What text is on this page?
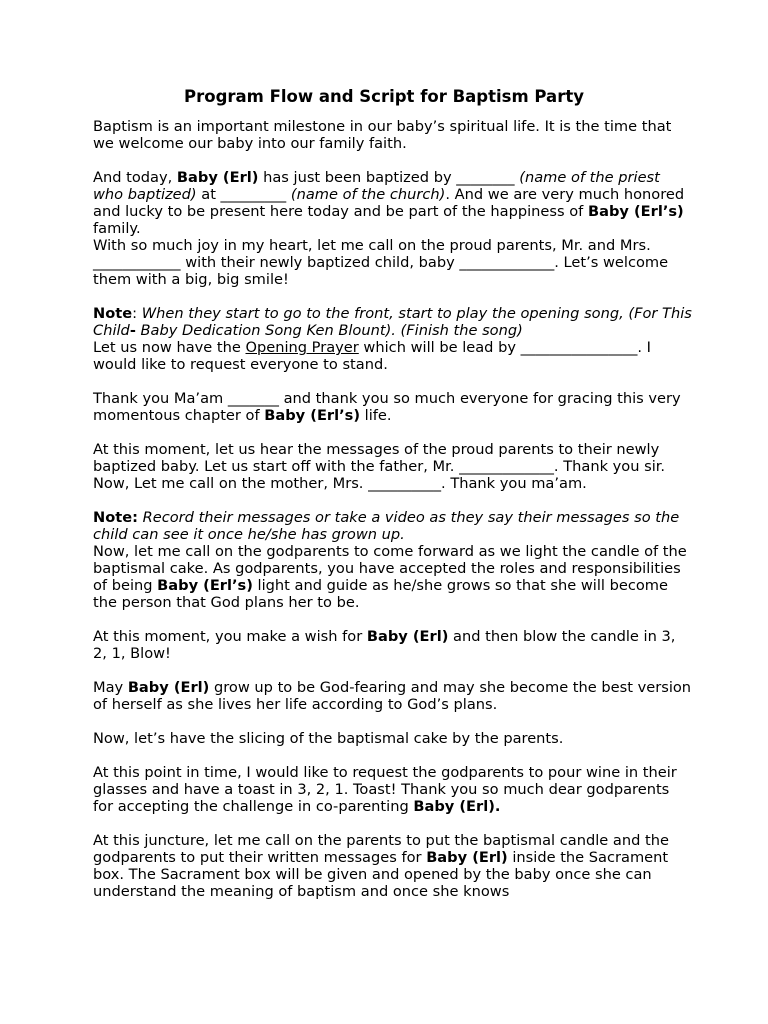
Program Flow and Script for Baptism Party

Baptism is an important milestone in our baby’s spiritual life. It is the time that we welcome our baby into our family faith.

And today, Baby (Erl) has just been baptized by ________ (name of the priest who baptized) at _________ (name of the church). And we are very much honored and lucky to be present here today and be part of the happiness of Baby (Erl’s) family.

With so much joy in my heart, let me call on the proud parents, Mr. and Mrs. ____________ with their newly baptized child, baby _____________. Let’s welcome them with a big, big smile!

Note: When they start to go to the front, start to play the opening song, (For This Child- Baby Dedication Song Ken Blount). (Finish the song)

Let us now have the Opening Prayer which will be lead by ________________. I would like to request everyone to stand.

Thank you Ma’am _______ and thank you so much everyone for gracing this very momentous chapter of Baby (Erl’s) life.

At this moment, let us hear the messages of the proud parents to their newly baptized baby. Let us start off with the father, Mr. _____________. Thank you sir. Now, Let me call on the mother, Mrs. __________. Thank you ma’am.

Note: Record their messages or take a video as they say their messages so the child can see it once he/she has grown up.

Now, let me call on the godparents to come forward as we light the candle of the baptismal cake. As godparents, you have accepted the roles and responsibilities of being Baby (Erl’s) light and guide as he/she grows so that she will become the person that God plans her to be.

At this moment, you make a wish for Baby (Erl) and then blow the candle in 3, 2, 1, Blow!

May Baby (Erl) grow up to be God-fearing and may she become the best version of herself as she lives her life according to God’s plans.

Now, let’s have the slicing of the baptismal cake by the parents.

At this point in time, I would like to request the godparents to pour wine in their glasses and have a toast in 3, 2, 1. Toast! Thank you so much dear godparents for accepting the challenge in co-parenting Baby (Erl).

At this juncture, let me call on the parents to put the baptismal candle and the godparents to put their written messages for Baby (Erl) inside the Sacrament box. The Sacrament box will be given and opened by the baby once she can understand the meaning of baptism and once she knows
